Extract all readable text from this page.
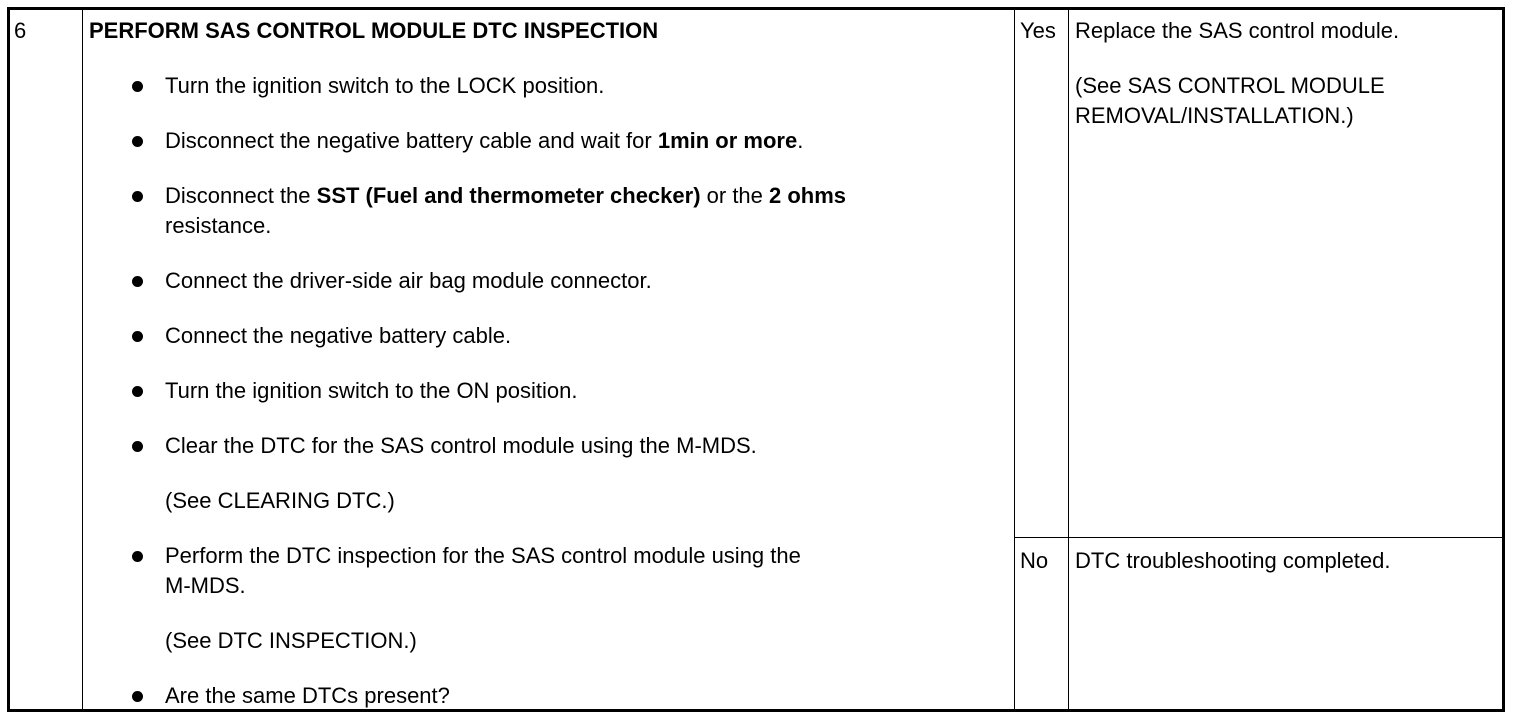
6	PERFORM SAS CONTROL MODULE DTC INSPECTION
Turn the ignition switch to the LOCK position.
Disconnect the negative battery cable and wait for 1min or more.
Disconnect the SST (Fuel and thermometer checker) or the 2 ohms
resistance.
Connect the driver-side air bag module connector.
Connect the negative battery cable.
Turn the ignition switch to the ON position.
Clear the DTC for the SAS control module using the M-MDS.
(See CLEARING DTC.)
Perform the DTC inspection for the SAS control module using the
M-MDS.
(See DTC INSPECTION.)
Are the same DTCs present?
Yes Replace the SAS control module.
(See SAS CONTROL MODULE
REMOVAL/INSTALLATION.)
No DTC troubleshooting completed.
